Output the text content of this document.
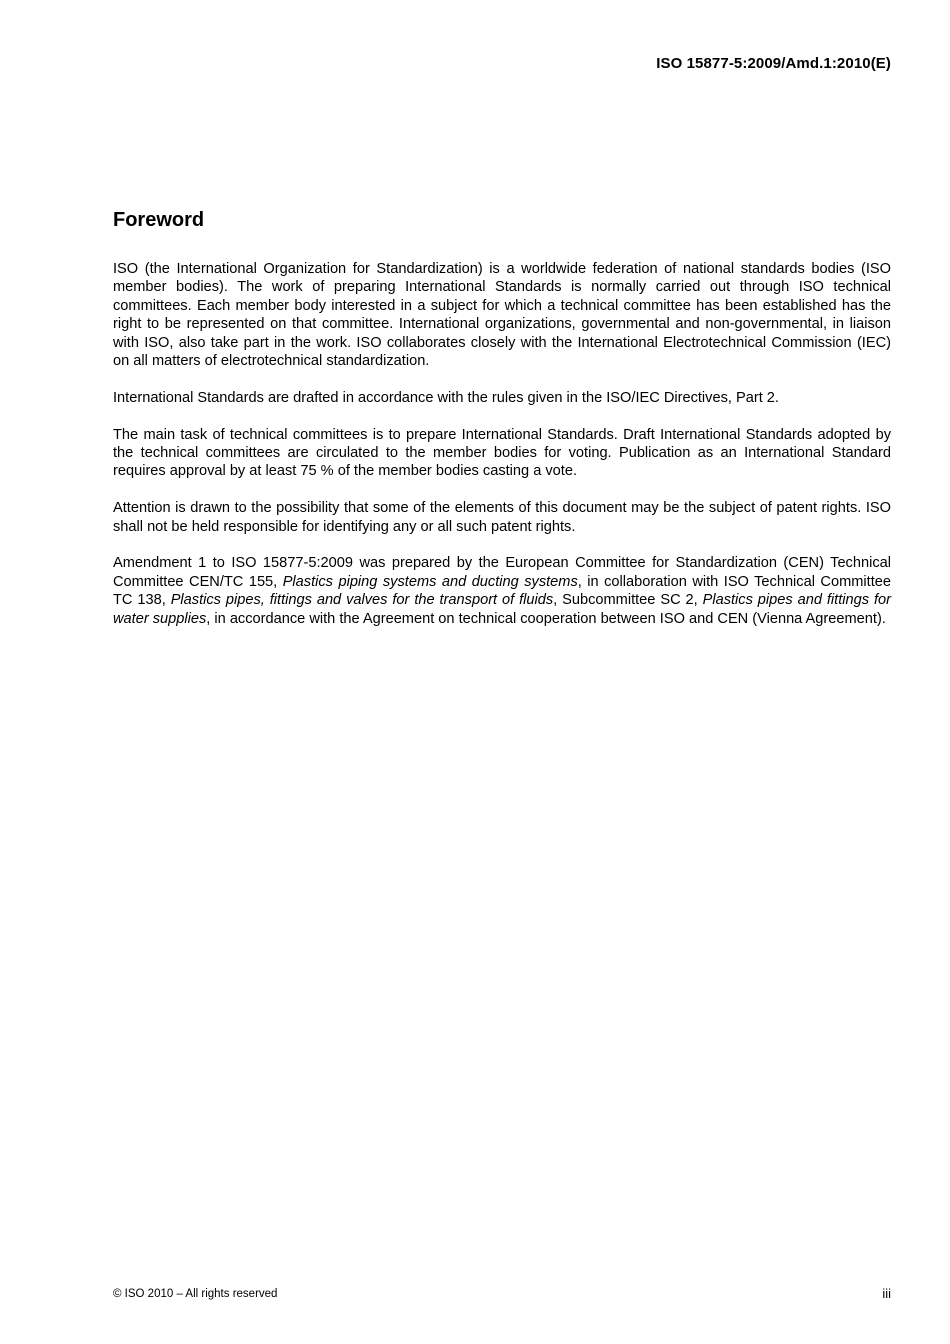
ISO 15877-5:2009/Amd.1:2010(E)
Foreword

ISO (the International Organization for Standardization) is a worldwide federation of national standards bodies (ISO member bodies). The work of preparing International Standards is normally carried out through ISO technical committees. Each member body interested in a subject for which a technical committee has been established has the right to be represented on that committee. International organizations, governmental and non-governmental, in liaison with ISO, also take part in the work. ISO collaborates closely with the International Electrotechnical Commission (IEC) on all matters of electrotechnical standardization.

International Standards are drafted in accordance with the rules given in the ISO/IEC Directives, Part 2.

The main task of technical committees is to prepare International Standards. Draft International Standards adopted by the technical committees are circulated to the member bodies for voting. Publication as an International Standard requires approval by at least 75 % of the member bodies casting a vote.

Attention is drawn to the possibility that some of the elements of this document may be the subject of patent rights. ISO shall not be held responsible for identifying any or all such patent rights.

Amendment 1 to ISO 15877-5:2009 was prepared by the European Committee for Standardization (CEN) Technical Committee CEN/TC 155, Plastics piping systems and ducting systems, in collaboration with ISO Technical Committee TC 138, Plastics pipes, fittings and valves for the transport of fluids, Subcommittee SC 2, Plastics pipes and fittings for water supplies, in accordance with the Agreement on technical cooperation between ISO and CEN (Vienna Agreement).

© ISO 2010 – All rights reserved	iii
